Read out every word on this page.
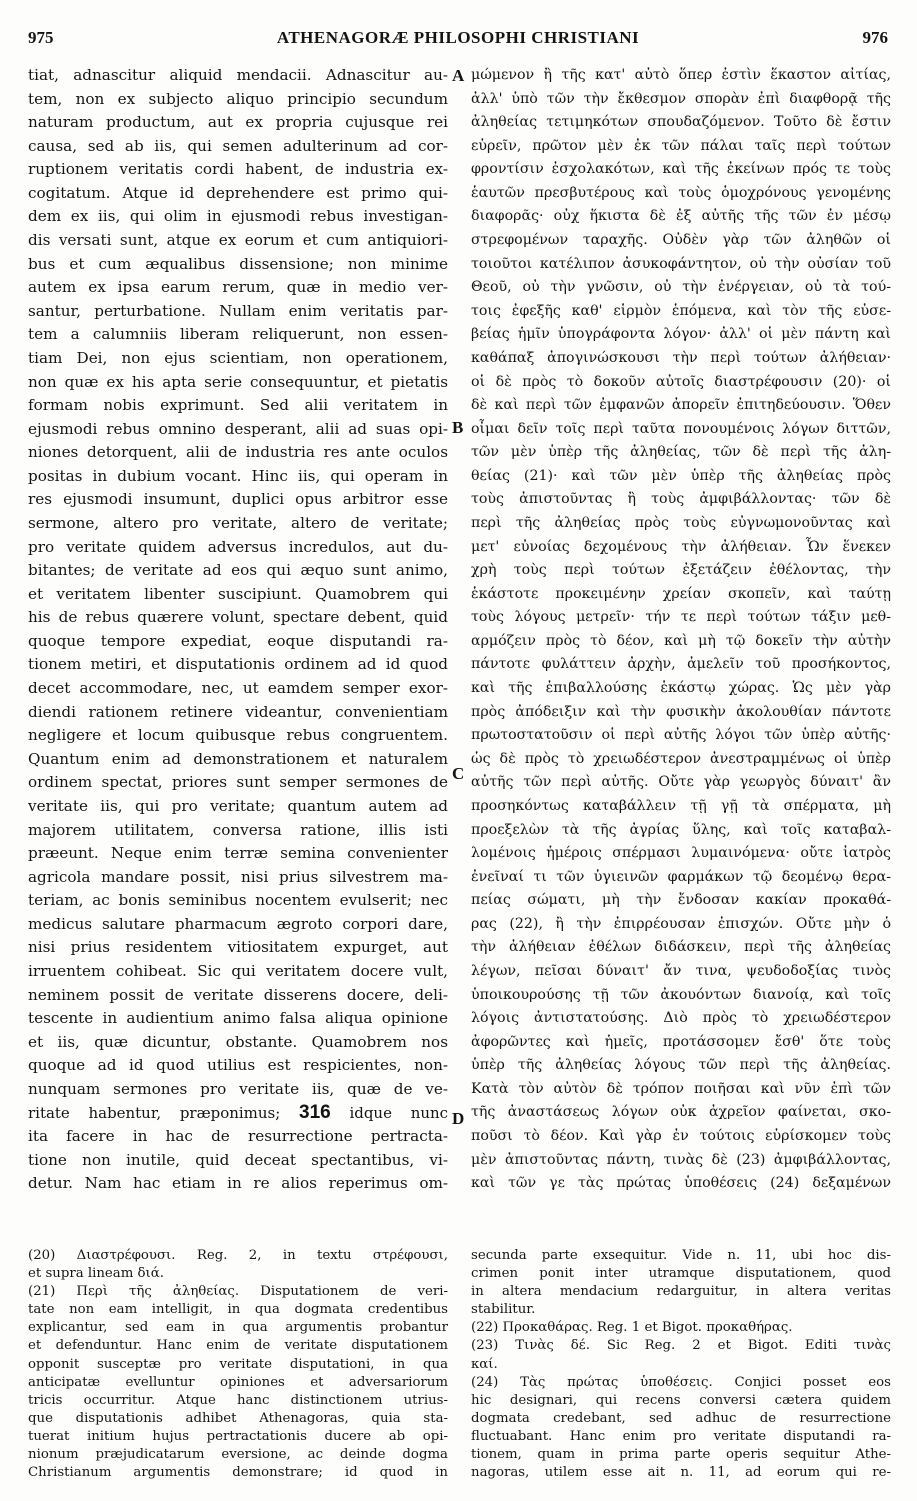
975	ATHENAGORÆ PHILOSOPHI CHRISTIANI	976
tiat, adnascitur aliquid mendacii. Adnascitur au-
tem, non ex subjecto aliquo principio secundum
naturam productum, aut ex propria cujusque rei
causa, sed ab iis, qui semen adulterinum ad cor-
ruptionem veritatis cordi habent, de industria ex-
cogitatum. Atque id deprehendere est primo qui-
dem ex iis, qui olim in ejusmodi rebus investigan-
dis versati sunt, atque ex eorum et cum antiquiori-
bus et cum æqualibus dissensione; non minime
autem ex ipsa earum rerum, quæ in medio ver-
santur, perturbatione. Nullam enim veritatis par-
tem a calumniis liberam reliquerunt, non essen-
tiam Dei, non ejus scientiam, non operationem,
non quæ ex his apta serie consequuntur, et pietatis
formam nobis exprimunt. Sed alii veritatem in
ejusmodi rebus omnino desperant, alii ad suas opi-
niones detorquent, alii de industria res ante oculos
positas in dubium vocant. Hinc iis, qui operam in
res ejusmodi insumunt, duplici opus arbitror esse
sermone, altero pro veritate, altero de veritate;
pro veritate quidem adversus incredulos, aut du-
bitantes; de veritate ad eos qui æquo sunt animo,
et veritatem libenter suscipiunt. Quamobrem qui
his de rebus quærere volunt, spectare debent, quid
quoque tempore expediat, eoque disputandi ra-
tionem metiri, et disputationis ordinem ad id quod
decet accommodare, nec, ut eamdem semper exor-
diendi rationem retinere videantur, convenientiam
negligere et locum quibusque rebus congruentem.
Quantum enim ad demonstrationem et naturalem
ordinem spectat, priores sunt semper sermones de
veritate iis, qui pro veritate; quantum autem ad
majorem utilitatem, conversa ratione, illis isti
præeunt. Neque enim terræ semina convenienter
agricola mandare possit, nisi prius silvestrem ma-
teriam, ac bonis seminibus nocentem evulserit; nec
medicus salutare pharmacum ægroto corpori dare,
nisi prius residentem vitiositatem expurget, aut
irruentem cohibeat. Sic qui veritatem docere vult,
neminem possit de veritate disserens docere, deli-
tescente in audientium animo falsa aliqua opinione
et iis, quæ dicuntur, obstante. Quamobrem nos
quoque ad id quod utilius est respicientes, non-
nunquam sermones pro veritate iis, quæ de ve-
ritate habentur, præponimus; 316 idque nunc
ita facere in hac de resurrectione pertracta-
tione non inutile, quid deceat spectantibus, vi-
detur. Nam hac etiam in re alios reperimus om-
A
B
C
D
μώμενον ἢ τῆς κατ' αὐτὸ ὅπερ ἐστὶν ἕκαστον αἰτίας,
ἀλλ' ὑπὸ τῶν τὴν ἔκθεσμον σπορὰν ἐπὶ διαφθορᾷ τῆς
ἀληθείας τετιμηκότων σπουδαζόμενον. Τοῦτο δὲ ἔστιν
εὑρεῖν, πρῶτον μὲν ἐκ τῶν πάλαι ταῖς περὶ τούτων
φροντίσιν ἐσχολακότων, καὶ τῆς ἐκείνων πρός τε τοὺς
ἑαυτῶν πρεσβυτέρους καὶ τοὺς ὁμοχρόνους γενομένης
διαφορᾶς· οὐχ ἥκιστα δὲ ἐξ αὐτῆς τῆς τῶν ἐν μέσῳ
στρεφομένων ταραχῆς. Οὐδὲν γὰρ τῶν ἀληθῶν οἱ
τοιοῦτοι κατέλιπον ἀσυκοφάντητον, οὐ τὴν οὐσίαν τοῦ
Θεοῦ, οὐ τὴν γνῶσιν, οὐ τὴν ἐνέργειαν, οὐ τὰ τού-
τοις ἐφεξῆς καθ' εἱρμὸν ἑπόμενα, καὶ τὸν τῆς εὐσε-
βείας ἡμῖν ὑπογράφοντα λόγον· ἀλλ' οἱ μὲν πάντη καὶ
καθάπαξ ἀπογινώσκουσι τὴν περὶ τούτων ἀλήθειαν·
οἱ δὲ πρὸς τὸ δοκοῦν αὐτοῖς διαστρέφουσιν (20)· οἱ
δὲ καὶ περὶ τῶν ἐμφανῶν ἀπορεῖν ἐπιτηδεύουσιν. Ὅθεν
οἶμαι δεῖν τοῖς περὶ ταῦτα πονουμένοις λόγων διττῶν,
τῶν μὲν ὑπὲρ τῆς ἀληθείας, τῶν δὲ περὶ τῆς ἀλη-
θείας (21)· καὶ τῶν μὲν ὑπὲρ τῆς ἀληθείας πρὸς
τοὺς ἀπιστοῦντας ἢ τοὺς ἀμφιβάλλοντας· τῶν δὲ
περὶ τῆς ἀληθείας πρὸς τοὺς εὐγνωμονοῦντας καὶ
μετ' εὐνοίας δεχομένους τὴν ἀλήθειαν. Ὧν ἕνεκεν
χρὴ τοὺς περὶ τούτων ἐξετάζειν ἐθέλοντας, τὴν
ἑκάστοτε προκειμένην χρείαν σκοπεῖν, καὶ ταύτῃ
τοὺς λόγους μετρεῖν· τήν τε περὶ τούτων τάξιν μεθ-
αρμόζειν πρὸς τὸ δέον, καὶ μὴ τῷ δοκεῖν τὴν αὐτὴν
πάντοτε φυλάττειν ἀρχὴν, ἀμελεῖν τοῦ προσήκοντος,
καὶ τῆς ἐπιβαλλούσης ἑκάστῳ χώρας. Ὡς μὲν γὰρ
πρὸς ἀπόδειξιν καὶ τὴν φυσικὴν ἀκολουθίαν πάντοτε
πρωτοστατοῦσιν οἱ περὶ αὐτῆς λόγοι τῶν ὑπὲρ αὐτῆς·
ὡς δὲ πρὸς τὸ χρειωδέστερον ἀνεστραμμένως οἱ ὑπὲρ
αὐτῆς τῶν περὶ αὐτῆς. Οὔτε γὰρ γεωργὸς δύναιτ' ἂν
προσηκόντως καταβάλλειν τῇ γῇ τὰ σπέρματα, μὴ
προεξελὼν τὰ τῆς ἀγρίας ὕλης, καὶ τοῖς καταβαλ-
λομένοις ἡμέροις σπέρμασι λυμαινόμενα· οὔτε ἰατρὸς
ἐνεῖναί τι τῶν ὑγιεινῶν φαρμάκων τῷ δεομένῳ θερα-
πείας σώματι, μὴ τὴν ἔνδοσαν κακίαν προκαθά-
ρας (22), ἢ τὴν ἐπιρρέουσαν ἐπισχών. Οὔτε μὴν ὁ
τὴν ἀλήθειαν ἐθέλων διδάσκειν, περὶ τῆς ἀληθείας
λέγων, πεῖσαι δύναιτ' ἄν τινα, ψευδοδοξίας τινὸς
ὑποικουρούσης τῇ τῶν ἀκουόντων διανοίᾳ, καὶ τοῖς
λόγοις ἀντιστατούσης. Διὸ πρὸς τὸ χρειωδέστερον
ἀφορῶντες καὶ ἡμεῖς, προτάσσομεν ἔσθ' ὅτε τοὺς
ὑπὲρ τῆς ἀληθείας λόγους τῶν περὶ τῆς ἀληθείας.
Κατὰ τὸν αὐτὸν δὲ τρόπον ποιῆσαι καὶ νῦν ἐπὶ τῶν
τῆς ἀναστάσεως λόγων οὐκ ἀχρεῖον φαίνεται, σκο-
ποῦσι τὸ δέον. Καὶ γὰρ ἐν τούτοις εὑρίσκομεν τοὺς
μὲν ἀπιστοῦντας πάντη, τινὰς δὲ (23) ἀμφιβάλλοντας,
καὶ τῶν γε τὰς πρώτας ὑποθέσεις (24) δεξαμένων
(20) Διαστρέφουσι. Reg. 2, in textu στρέφουσι,
et supra lineam διά.
(21) Περὶ τῆς ἀληθείας. Disputationem de veri-
tate non eam intelligit, in qua dogmata credentibus
explicantur, sed eam in qua argumentis probantur
et defenduntur. Hanc enim de veritate disputationem
opponit susceptæ pro veritate disputationi, in qua
anticipatæ evelluntur opiniones et adversariorum
tricis occurritur. Atque hanc distinctionem utrius-
que disputationis adhibet Athenagoras, quia sta-
tuerat initium hujus pertractationis ducere ab opi-
nionum præjudicatarum eversione, ac deinde dogma
Christianum argumentis demonstrare; id quod in
secunda parte exsequitur. Vide n. 11, ubi hoc dis-
crimen ponit inter utramque disputationem, quod
in altera mendacium redarguitur, in altera veritas
stabilitur.
(22) Προκαθάρας. Reg. 1 et Bigot. προκαθήρας.
(23) Τινὰς δέ. Sic Reg. 2 et Bigot. Editi τινὰς
καί.
(24) Τὰς πρώτας ὑποθέσεις. Conjici posset eos
hic designari, qui recens conversi cætera quidem
dogmata credebant, sed adhuc de resurrectione
fluctuabant. Hanc enim pro veritate disputandi ra-
tionem, quam in prima parte operis sequitur Athe-
nagoras, utilem esse ait n. 11, ad eorum qui re-
